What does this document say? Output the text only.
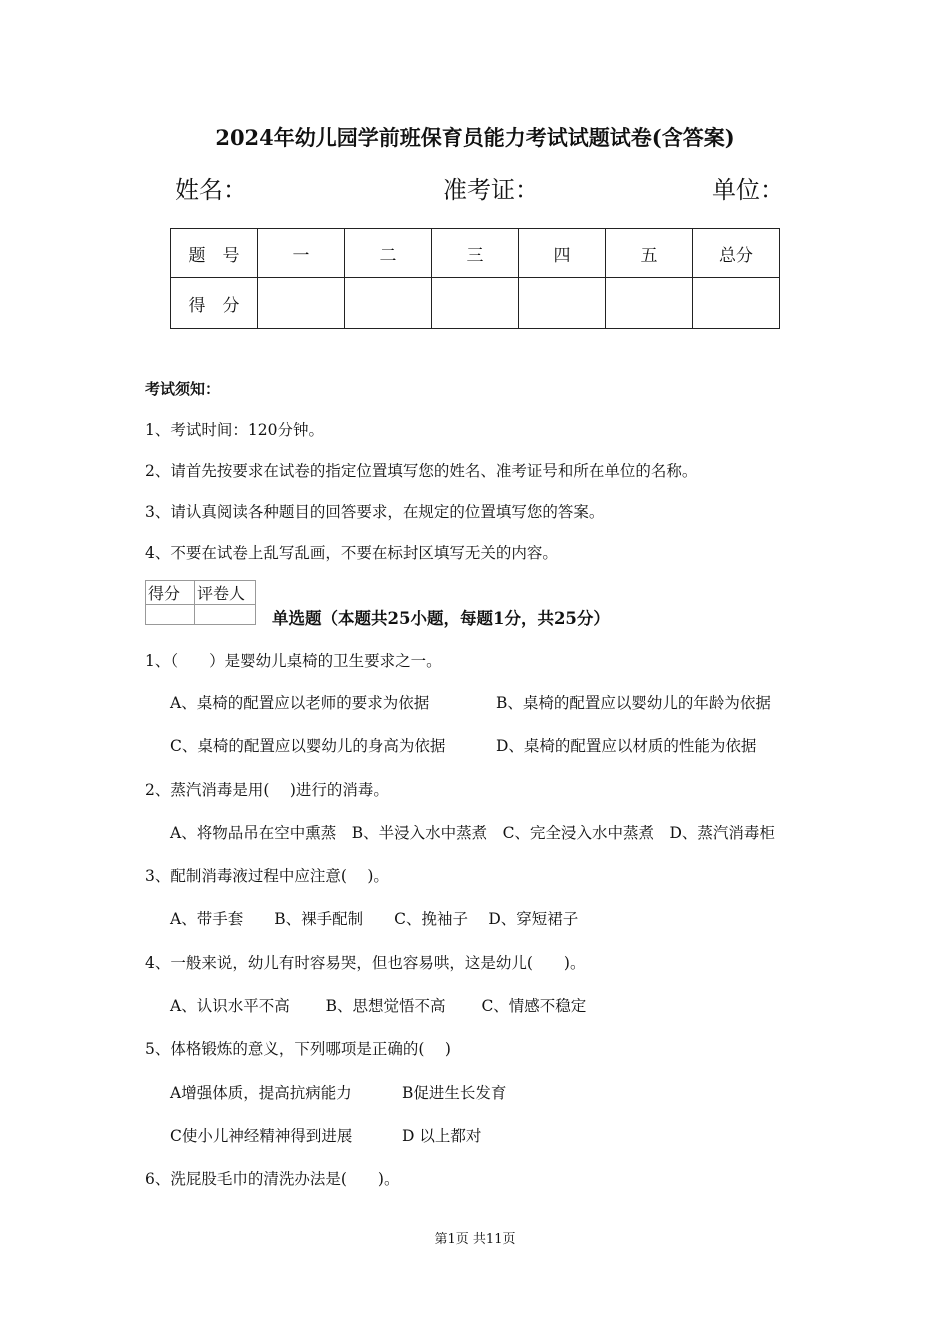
2024年幼儿园学前班保育员能力考试试题试卷(含答案)
姓名：	准考证：	单位：
题　号	一	二	三	四	五	总分
得　分						
考试须知：
1、考试时间：120分钟。
2、请首先按要求在试卷的指定位置填写您的姓名、准考证号和所在单位的名称。
3、请认真阅读各种题目的回答要求，在规定的位置填写您的答案。
4、不要在试卷上乱写乱画，不要在标封区填写无关的内容。
得分	评卷人

单选题（本题共25小题，每题1分，共25分）
1、（　　）是婴幼儿桌椅的卫生要求之一。
A、桌椅的配置应以老师的要求为依据	B、桌椅的配置应以婴幼儿的年龄为依据
C、桌椅的配置应以婴幼儿的身高为依据	D、桌椅的配置应以材质的性能为依据
2、蒸汽消毒是用(　 )进行的消毒。
A、将物品吊在空中熏蒸　B、半浸入水中蒸煮　C、完全浸入水中蒸煮　D、蒸汽消毒柜
3、配制消毒液过程中应注意(　 )。
A、带手套　　B、裸手配制　　C、挽袖子　 D、穿短裙子
4、一般来说，幼儿有时容易哭，但也容易哄，这是幼儿(　　)。
A、认识水平不高　　 B、思想觉悟不高　　 C、情感不稳定
5、体格锻炼的意义，下列哪项是正确的(　 )
A增强体质，提高抗病能力	B促进生长发育
C使小儿神经精神得到进展	D 以上都对
6、洗屁股毛巾的清洗办法是(　　)。
第1页 共11页
